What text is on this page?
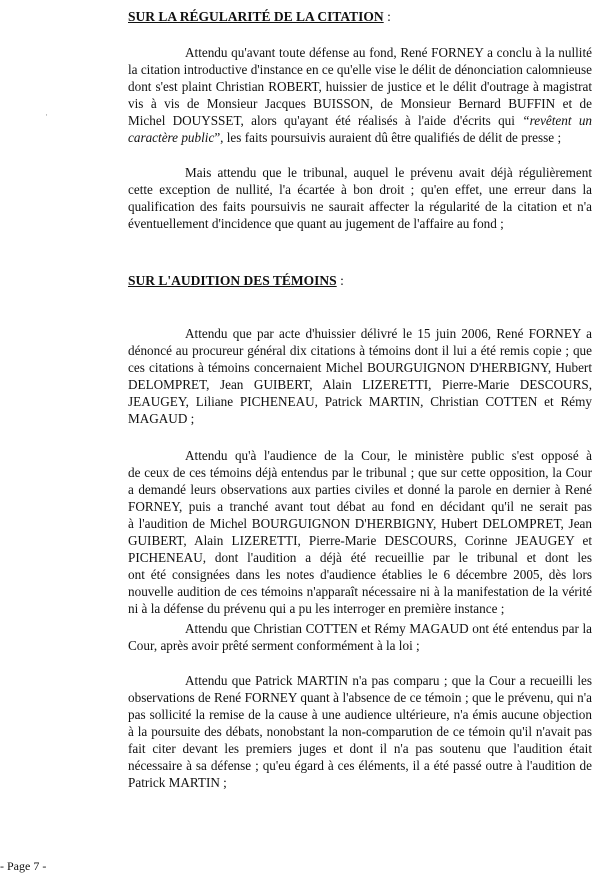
SUR LA RÉGULARITÉ DE LA CITATION :
Attendu qu'avant toute défense au fond, René FORNEY a conclu à la nullité
la citation introductive d'instance en ce qu'elle vise le délit de dénonciation calomnieuse
dont s'est plaint Christian ROBERT, huissier de justice et le délit d'outrage à magistrat
vis à vis de Monsieur Jacques BUISSON, de Monsieur Bernard BUFFIN et de
Michel DOUYSSET, alors qu'ayant été réalisés à l'aide d'écrits qui “revêtent un
caractère public”, les faits poursuivis auraient dû être qualifiés de délit de presse ;
Mais attendu que le tribunal, auquel le prévenu avait déjà régulièrement
cette exception de nullité, l'a écartée à bon droit ; qu'en effet, une erreur dans la
qualification des faits poursuivis ne saurait affecter la régularité de la citation et n'a
éventuellement d'incidence que quant au jugement de l'affaire au fond ;
SUR L'AUDITION DES TÉMOINS :
Attendu que par acte d'huissier délivré le 15 juin 2006, René FORNEY a
dénoncé au procureur général dix citations à témoins dont il lui a été remis copie ; que
ces citations à témoins concernaient Michel BOURGUIGNON D'HERBIGNY, Hubert
DELOMPRET, Jean GUIBERT, Alain LIZERETTI, Pierre-Marie DESCOURS,
JEAUGEY, Liliane PICHENEAU, Patrick MARTIN, Christian COTTEN et Rémy
MAGAUD ;
Attendu qu'à l'audience de la Cour, le ministère public s'est opposé à
de ceux de ces témoins déjà entendus par le tribunal ; que sur cette opposition, la Cour
a demandé leurs observations aux parties civiles et donné la parole en dernier à René
FORNEY, puis a tranché avant tout débat au fond en décidant qu'il ne serait pas
à l'audition de Michel BOURGUIGNON D'HERBIGNY, Hubert DELOMPRET, Jean
GUIBERT, Alain LIZERETTI, Pierre-Marie DESCOURS, Corinne JEAUGEY et
PICHENEAU, dont l'audition a déjà été recueillie par le tribunal et dont les
ont été consignées dans les notes d'audience établies le 6 décembre 2005, dès lors
nouvelle audition de ces témoins n'apparaît nécessaire ni à la manifestation de la vérité
ni à la défense du prévenu qui a pu les interroger en première instance ;
Attendu que Christian COTTEN et Rémy MAGAUD ont été entendus par la
Cour, après avoir prêté serment conformément à la loi ;
Attendu que Patrick MARTIN n'a pas comparu ; que la Cour a recueilli les
observations de René FORNEY quant à l'absence de ce témoin ; que le prévenu, qui n'a
pas sollicité la remise de la cause à une audience ultérieure, n'a émis aucune objection
à la poursuite des débats, nonobstant la non-comparution de ce témoin qu'il n'avait pas
fait citer devant les premiers juges et dont il n'a pas soutenu que l'audition était
nécessaire à sa défense ; qu'eu égard à ces éléments, il a été passé outre à l'audition de
Patrick MARTIN ;
·
- Page 7 -
